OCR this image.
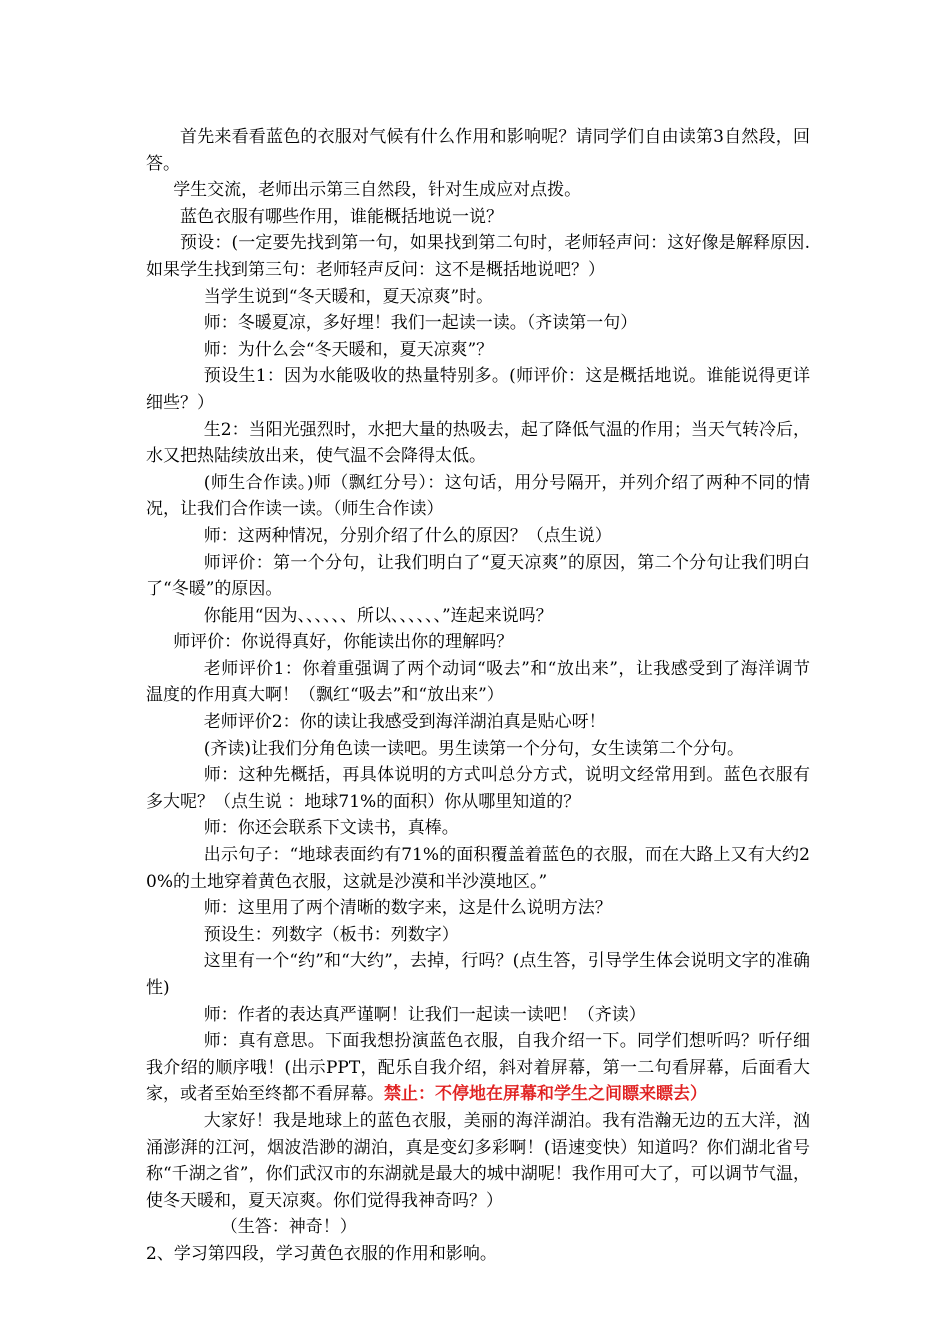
首先来看看蓝色的衣服对气候有什么作用和影响呢？请同学们自由读第3自然段，回答。

学生交流，老师出示第三自然段，针对生成应对点拨。

蓝色衣服有哪些作用，谁能概括地说一说？

预设：(一定要先找到第一句，如果找到第二句时，老师轻声问：这好像是解释原因.如果学生找到第三句：老师轻声反问：这不是概括地说吧？）

当学生说到“冬天暖和，夏天凉爽”时。

师：冬暖夏凉，多好埋！我们一起读一读。（齐读第一句）

师：为什么会“冬天暖和，夏天凉爽”？

预设生1：因为水能吸收的热量特别多。(师评价：这是概括地说。谁能说得更详细些？）

生2：当阳光强烈时，水把大量的热吸去，起了降低气温的作用；当天气转冷后，水又把热陆续放出来，使气温不会降得太低。

(师生合作读。)师（飘红分号）：这句话，用分号隔开，并列介绍了两种不同的情况，让我们合作读一读。（师生合作读）

师：这两种情况，分别介绍了什么的原因？（点生说）

师评价：第一个分句，让我们明白了“夏天凉爽”的原因，第二个分句让我们明白了“冬暖”的原因。

你能用“因为、、、、、、所以、、、、、、”连起来说吗？

师评价：你说得真好，你能读出你的理解吗？

老师评价1：你着重强调了两个动词“吸去”和“放出来”，让我感受到了海洋调节温度的作用真大啊！（飘红“吸去”和“放出来”）

老师评价2：你的读让我感受到海洋湖泊真是贴心呀！

(齐读)让我们分角色读一读吧。男生读第一个分句，女生读第二个分句。

师：这种先概括，再具体说明的方式叫总分方式，说明文经常用到。蓝色衣服有多大呢？（点生说 ：地球71%的面积）你从哪里知道的？

师：你还会联系下文读书，真棒。

出示句子：“地球表面约有71%的面积覆盖着蓝色的衣服，而在大路上又有大约20%的土地穿着黄色衣服，这就是沙漠和半沙漠地区。”

师：这里用了两个清晰的数字来，这是什么说明方法？

预设生：列数字（板书：列数字）

这里有一个“约”和“大约”，去掉，行吗？(点生答，引导学生体会说明文字的准确性)

师：作者的表达真严谨啊！让我们一起读一读吧！（齐读）

师：真有意思。下面我想扮演蓝色衣服，自我介绍一下。同学们想听吗？听仔细我介绍的顺序哦！(出示PPT，配乐自我介绍，斜对着屏幕，第一二句看屏幕，后面看大家，或者至始至终都不看屏幕。禁止：不停地在屏幕和学生之间瞟来瞟去）

大家好！我是地球上的蓝色衣服，美丽的海洋湖泊。我有浩瀚无边的五大洋，汹涌澎湃的江河，烟波浩渺的湖泊，真是变幻多彩啊！(语速变快）知道吗？你们湖北省号称“千湖之省”，你们武汉市的东湖就是最大的城中湖呢！我作用可大了，可以调节气温，使冬天暖和，夏天凉爽。你们觉得我神奇吗？）

（生答：神奇！）

2、学习第四段，学习黄色衣服的作用和影响。
